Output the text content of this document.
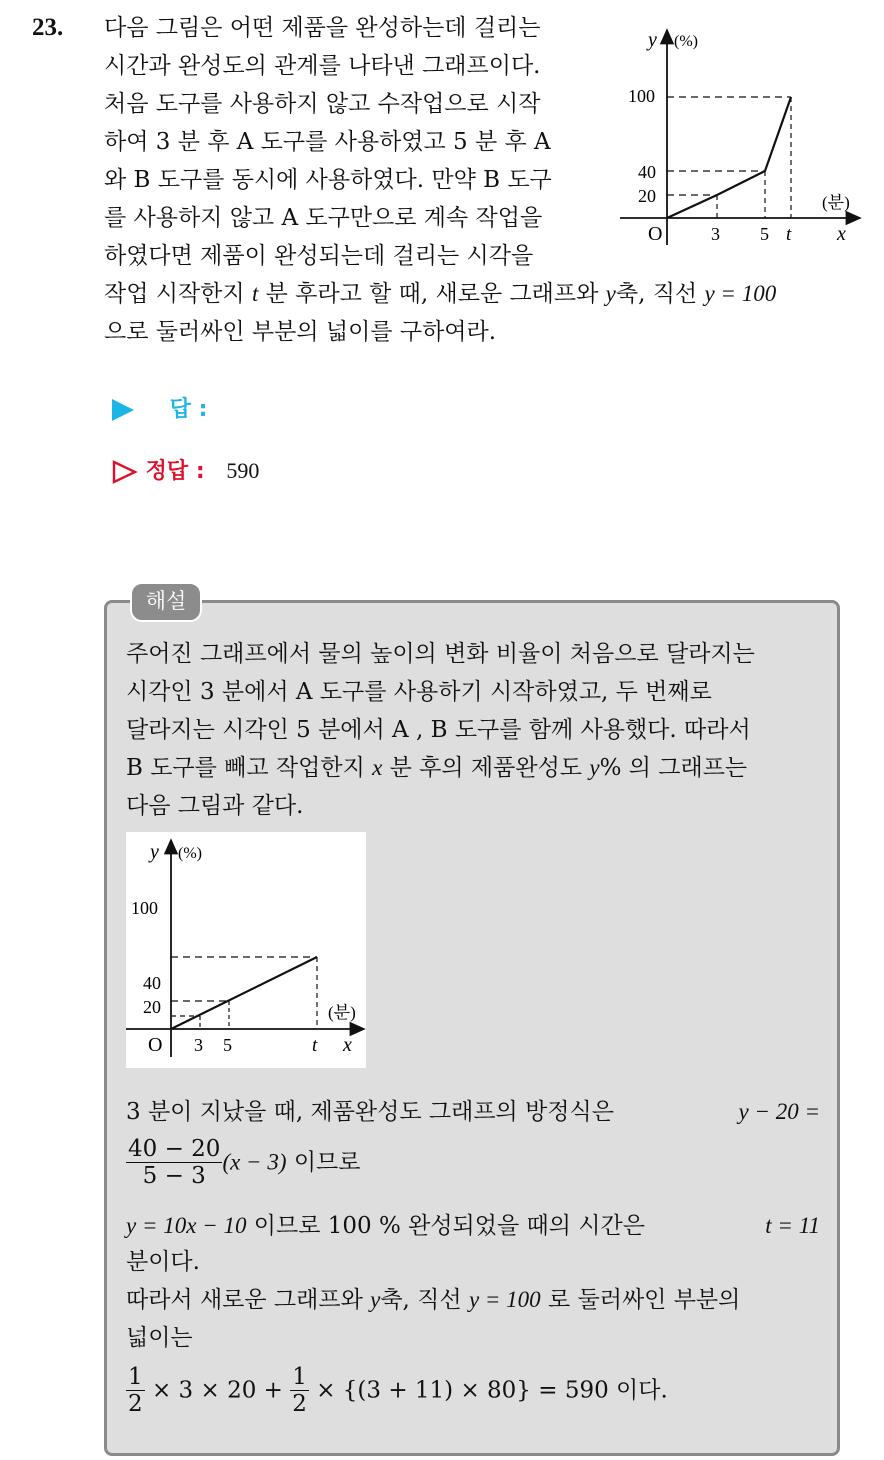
23. 다음 그림은 어떤 제품을 완성하는데 걸리는
시간과 완성도의 관계를 나타낸 그래프이다.
처음 도구를 사용하지 않고 수작업으로 시작
하여 3 분 후 A 도구를 사용하였고 5 분 후 A
와 B 도구를 동시에 사용하였다. 만약 B 도구
를 사용하지 않고 A 도구만으로 계속 작업을
하였다면 제품이 완성되는데 걸리는 시각을
작업 시작한지 t 분 후라고 할 때, 새로운 그래프와 y축, 직선 y = 100
으로 둘러싸인 부분의 넓이를 구하여라.
y (%)
(분)
x
O
100
40
20
3 5 t
답 :
정답 : 590
해설
주어진 그래프에서 물의 높이의 변화 비율이 처음으로 달라지는
시각인 3 분에서 A 도구를 사용하기 시작하였고, 두 번째로
달라지는 시각인 5 분에서 A , B 도구를 함께 사용했다. 따라서
B 도구를 빼고 작업한지 x 분 후의 제품완성도 y% 의 그래프는
다음 그림과 같다.
y (%)
(분)
x
O
100
40
20
3 5	t
3 분이 지났을 때, 제품완성도 그래프의 방정식은	y − 20 =
$\frac{40 - 20}{5 - 3} (x - 3)$ 이므로
y = 10x − 10 이므로 100 % 완성되었을 때의 시간은	t = 11
분이다.
따라서 새로운 그래프와 y축, 직선 y = 100 로 둘러싸인 부분의
넓이는
$\frac{1}{2} \times 3 \times 20 + \frac{1}{2} \times \{(3 + 11) \times 80\} = 590$ 이다.
